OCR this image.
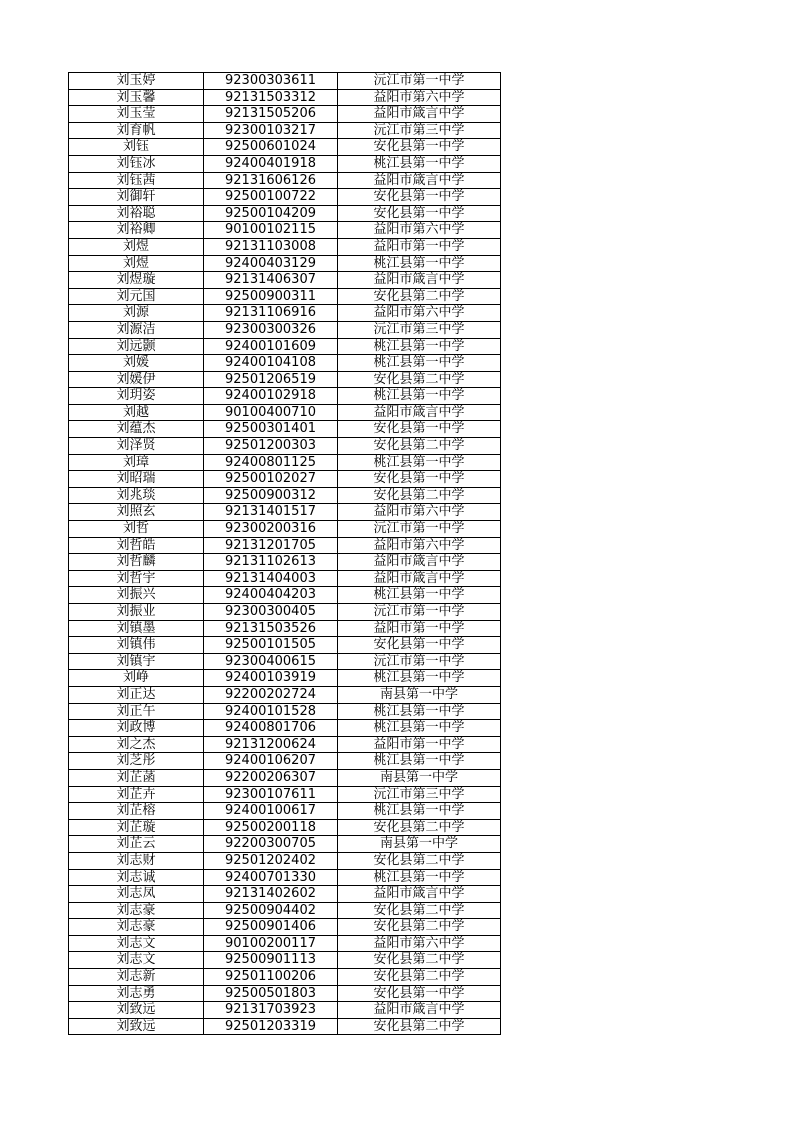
刘玉婷	92300303611	沅江市第一中学
刘玉馨	92131503312	益阳市第六中学
刘玉莹	92131505206	益阳市箴言中学
刘育帆	92300103217	沅江市第三中学
刘钰	92500601024	安化县第一中学
刘钰冰	92400401918	桃江县第一中学
刘钰茜	92131606126	益阳市箴言中学
刘御轩	92500100722	安化县第一中学
刘裕聪	92500104209	安化县第一中学
刘裕卿	90100102115	益阳市第六中学
刘煜	92131103008	益阳市第一中学
刘煜	92400403129	桃江县第一中学
刘煜璇	92131406307	益阳市箴言中学
刘元国	92500900311	安化县第二中学
刘源	92131106916	益阳市第六中学
刘源洁	92300300326	沅江市第三中学
刘远颢	92400101609	桃江县第一中学
刘媛	92400104108	桃江县第一中学
刘媛伊	92501206519	安化县第二中学
刘玥姿	92400102918	桃江县第一中学
刘越	90100400710	益阳市箴言中学
刘蕴杰	92500301401	安化县第一中学
刘泽贤	92501200303	安化县第二中学
刘璋	92400801125	桃江县第一中学
刘昭瑞	92500102027	安化县第一中学
刘兆琰	92500900312	安化县第二中学
刘照玄	92131401517	益阳市第六中学
刘哲	92300200316	沅江市第一中学
刘哲皓	92131201705	益阳市第六中学
刘哲麟	92131102613	益阳市箴言中学
刘哲宇	92131404003	益阳市箴言中学
刘振兴	92400404203	桃江县第一中学
刘振业	92300300405	沅江市第一中学
刘镇墨	92131503526	益阳市第一中学
刘镇伟	92500101505	安化县第一中学
刘镇宇	92300400615	沅江市第一中学
刘峥	92400103919	桃江县第一中学
刘正达	92200202724	南县第一中学
刘正午	92400101528	桃江县第一中学
刘政博	92400801706	桃江县第一中学
刘之杰	92131200624	益阳市第一中学
刘芝彤	92400106207	桃江县第一中学
刘芷菡	92200206307	南县第一中学
刘芷卉	92300107611	沅江市第三中学
刘芷榕	92400100617	桃江县第一中学
刘芷璇	92500200118	安化县第二中学
刘芷云	92200300705	南县第一中学
刘志财	92501202402	安化县第二中学
刘志诚	92400701330	桃江县第一中学
刘志凤	92131402602	益阳市箴言中学
刘志豪	92500904402	安化县第二中学
刘志豪	92500901406	安化县第二中学
刘志文	90100200117	益阳市第六中学
刘志文	92500901113	安化县第二中学
刘志新	92501100206	安化县第二中学
刘志勇	92500501803	安化县第一中学
刘致远	92131703923	益阳市箴言中学
刘致远	92501203319	安化县第二中学
